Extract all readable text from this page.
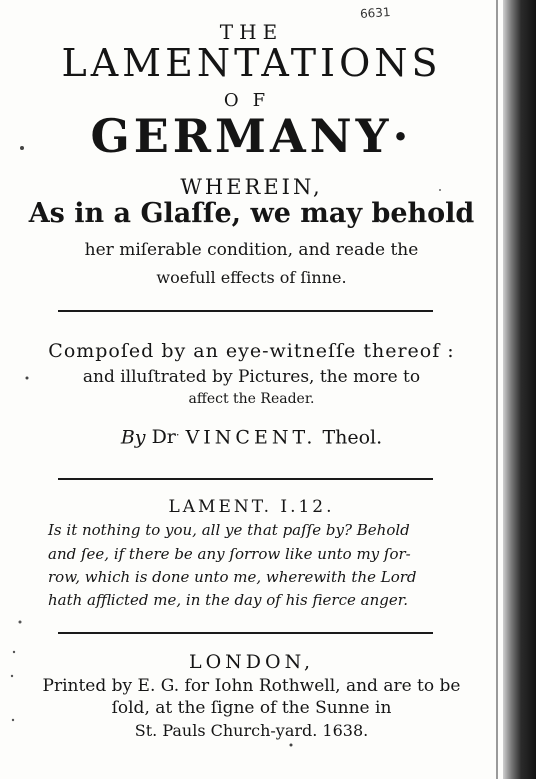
6631
THE
LAMENTATIONS
OF
GERMANY·
WHEREIN,
As in a Glaſſe, we may behold
her miſerable condition, and reade the
woefull effects of ſinne.
Compoſed by an eye-witneſſe thereof :
and illuſtrated by Pictures, the more to
affect the Reader.
By Dr. VINCENT. Theol.
LAMENT. I.12.
Is it nothing to you, all ye that paſſe by? Behold
and ſee, if there be any ſorrow like unto my ſor-
row, which is done unto me, wherewith the Lord
hath afflicted me, in the day of his fierce anger.
LONDON,
Printed by E. G. for Iohn Rothwell, and are to be
ſold, at the ſigne of the Sunne in
St. Pauls Church-yard. 1638.
